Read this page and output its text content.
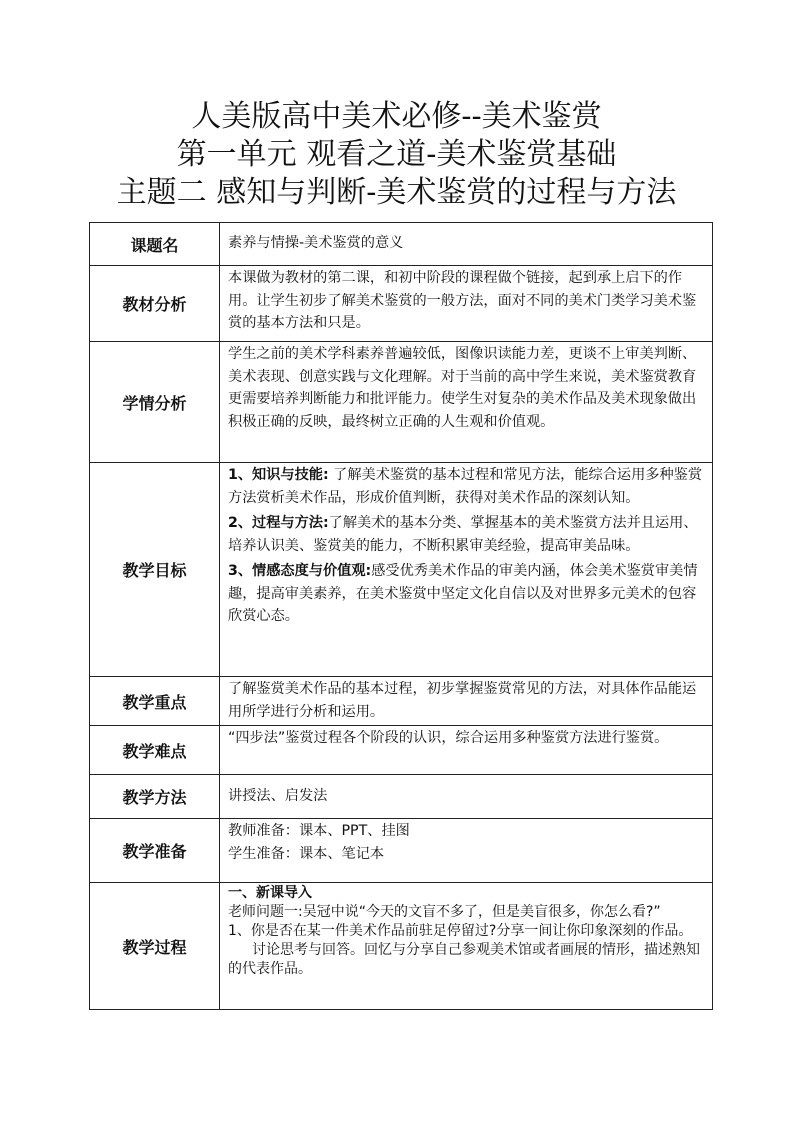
人美版高中美术必修--美术鉴赏
第一单元 观看之道-美术鉴赏基础
主题二 感知与判断-美术鉴赏的过程与方法
课题名	素养与情操-美术鉴赏的意义
教材分析	本课做为教材的第二课，和初中阶段的课程做个链接，起到承上启下的作用。让学生初步了解美术鉴赏的一般方法，面对不同的美术门类学习美术鉴赏的基本方法和只是。
学情分析	学生之前的美术学科素养普遍较低，图像识读能力差，更谈不上审美判断、美术表现、创意实践与文化理解。对于当前的高中学生来说，美术鉴赏教育更需要培养判断能力和批评能力。使学生对复杂的美术作品及美术现象做出积极正确的反映，最终树立正确的人生观和价值观。
教学目标	1、知识与技能: 了解美术鉴赏的基本过程和常见方法，能综合运用多种鉴赏方法赏析美术作品，形成价值判断，获得对美术作品的深刻认知。
2、过程与方法:了解美术的基本分类、掌握基本的美术鉴赏方法并且运用、培养认识美、鉴赏美的能力，不断积累审美经验，提高审美品味。
3、情感态度与价值观:感受优秀美术作品的审美内涵，体会美术鉴赏审美情趣，提高审美素养，在美术鉴赏中坚定文化自信以及对世界多元美术的包容欣赏心态。

教学重点	了解鉴赏美术作品的基本过程，初步掌握鉴赏常见的方法，对具体作品能运用所学进行分析和运用。
教学难点	“四步法”鉴赏过程各个阶段的认识，综合运用多种鉴赏方法进行鉴赏。
教学方法	讲授法、启发法
教学准备	教师准备：课本、PPT、挂图
学生准备：课本、笔记本

教学过程	一、新课导入

老师问题一:吴冠中说“今天的文盲不多了，但是美盲很多，你怎么看?”

1、你是否在某一件美术作品前驻足停留过?分享一间让你印象深刻的作品。

讨论思考与回答。回忆与分享自己参观美术馆或者画展的情形，描述熟知的代表作品。
